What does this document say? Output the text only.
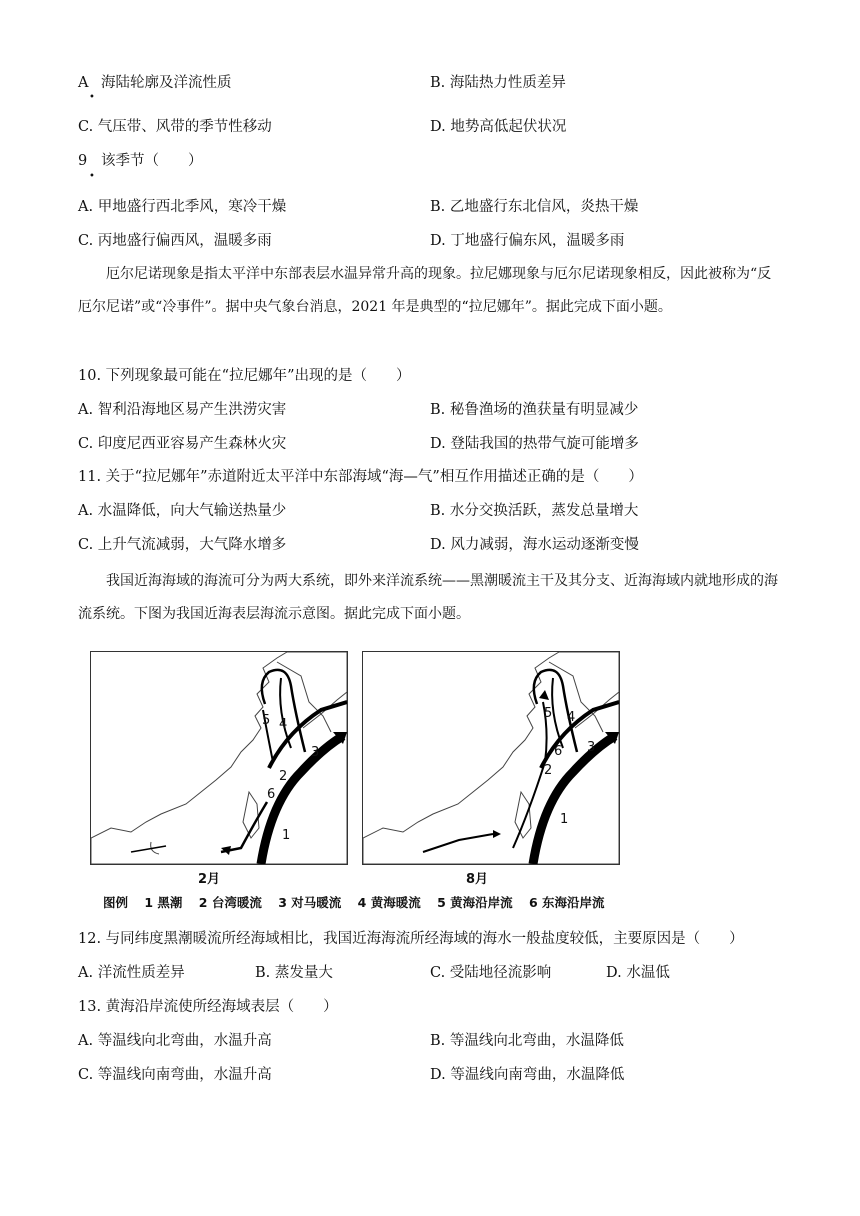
A
•
海陆轮廓及洋流性质	B. 海陆热力性质差异
C. 气压带、风带的季节性移动	D. 地势高低起伏状况
9
•
该季节（　　）
A. 甲地盛行西北季风，寒冷干燥	B. 乙地盛行东北信风，炎热干燥
C. 丙地盛行偏西风，温暖多雨	D. 丁地盛行偏东风，温暖多雨
厄尔尼诺现象是指太平洋中东部表层水温异常升高的现象。拉尼娜现象与厄尔尼诺现象相反，因此被称为“反厄尔尼诺”或“冷事件”。据中央气象台消息，2021 年是典型的“拉尼娜年”。据此完成下面小题。
10. 下列现象最可能在“拉尼娜年”出现的是（　　）
A. 智利沿海地区易产生洪涝灾害	B. 秘鲁渔场的渔获量有明显减少
C. 印度尼西亚容易产生森林火灾	D. 登陆我国的热带气旋可能增多
11. 关于“拉尼娜年”赤道附近太平洋中东部海域“海—气”相互作用描述正确的是（　　）
A. 水温降低，向大气输送热量少	B. 水分交换活跃，蒸发总量增大
C. 上升气流减弱，大气降水增多	D. 风力减弱，海水运动逐渐变慢
我国近海海域的海流可分为两大系统，即外来洋流系统——黑潮暖流主干及其分支、近海海域内就地形成的海流系统。下图为我国近海表层海流示意图。据此完成下面小题。
1
2
3
4
5
6
2月
1
2
3
4
5
6
8月
图例 1 黑潮 2 台湾暖流 3 对马暖流 4 黄海暖流 5 黄海沿岸流 6 东海沿岸流
12. 与同纬度黑潮暖流所经海域相比，我国近海海流所经海域的海水一般盐度较低，主要原因是（　　）
A. 洋流性质差异	B. 蒸发量大	C. 受陆地径流影响	D. 水温低
13. 黄海沿岸流使所经海域表层（　　）
A. 等温线向北弯曲，水温升高	B. 等温线向北弯曲，水温降低
C. 等温线向南弯曲，水温升高	D. 等温线向南弯曲，水温降低
